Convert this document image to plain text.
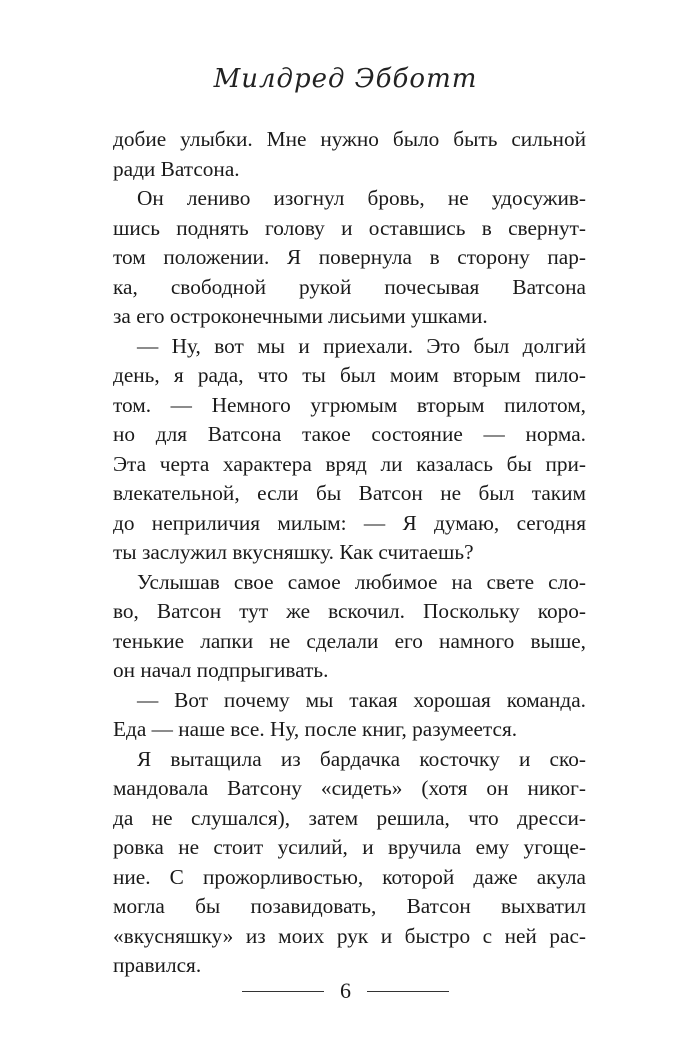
Милдред Эбботт
добие улыбки. Мне нужно было быть сильной
ради Ватсона.
Он лениво изогнул бровь, не удосужив-
шись поднять голову и оставшись в свернут-
том положении. Я повернула в сторону пар-
ка, свободной рукой почесывая Ватсона
за его остроконечными лисьими ушками.
— Ну, вот мы и приехали. Это был долгий
день, я рада, что ты был моим вторым пило-
том. — Немного угрюмым вторым пилотом,
но для Ватсона такое состояние — норма.
Эта черта характера вряд ли казалась бы при-
влекательной, если бы Ватсон не был таким
до неприличия милым: — Я думаю, сегодня
ты заслужил вкусняшку. Как считаешь?
Услышав свое самое любимое на свете сло-
во, Ватсон тут же вскочил. Поскольку коро-
тенькие лапки не сделали его намного выше,
он начал подпрыгивать.
— Вот почему мы такая хорошая команда.
Еда — наше все. Ну, после книг, разумеется.
Я вытащила из бардачка косточку и ско-
мандовала Ватсону «сидеть» (хотя он никог-
да не слушался), затем решила, что дресси-
ровка не стоит усилий, и вручила ему угоще-
ние. С прожорливостью, которой даже акула
могла бы позавидовать, Ватсон выхватил
«вкусняшку» из моих рук и быстро с ней рас-
правился.
6
